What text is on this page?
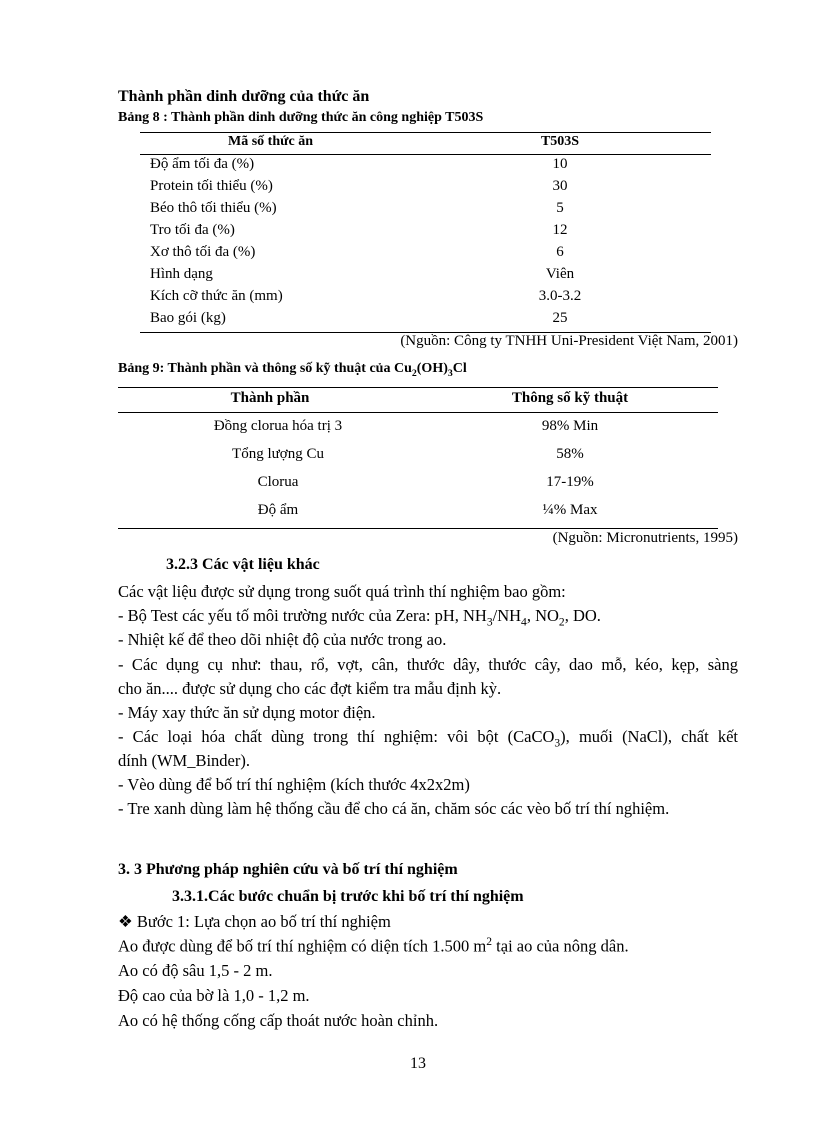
Thành phần dinh dưỡng của thức ăn
Bảng 8 : Thành phần dinh dưỡng thức ăn công nghiệp T503S
Mã số thức ăn	T503S
Độ ẩm tối đa (%)	10
Protein tối thiểu (%)	30
Béo thô tối thiểu (%)	5
Tro tối đa (%)	12
Xơ thô tối đa (%)	6
Hình dạng	Viên
Kích cỡ thức ăn (mm)	3.0-3.2
Bao gói (kg)	25
(Nguồn: Công ty TNHH Uni-President Việt Nam, 2001)
Bảng 9: Thành phần và thông số kỹ thuật của $Cu_2(OH)_3Cl$
Thành phần	Thông số kỹ thuật
Đồng clorua hóa trị 3	98% Min
Tổng lượng Cu	58%
Clorua	17-19%
Độ ẩm	¼% Max
(Nguồn: Micronutrients, 1995)
3.2.3 Các vật liệu khác
Các vật liệu được sử dụng trong suốt quá trình thí nghiệm bao gồm:
- Bộ Test các yếu tố môi trường nước của Zera: pH, $NH_3/NH_4$, $NO_2$, DO.
- Nhiệt kế để theo dõi nhiệt độ của nước trong ao.
- Các dụng cụ như: thau, rổ, vợt, cân, thước dây, thước cây, dao mỗ, kéo, kẹp, sàng
cho ăn.... được sử dụng cho các đợt kiểm tra mẫu định kỳ.
- Máy xay thức ăn sử dụng motor điện.
- Các loại hóa chất dùng trong thí nghiệm: vôi bột (CaCO$_3$), muối (NaCl), chất kết
dính (WM_Binder).
- Vèo dùng để bố trí thí nghiệm (kích thước 4x2x2m)
- Tre xanh dùng làm hệ thống cầu để cho cá ăn, chăm sóc các vèo bố trí thí nghiệm.
3. 3 Phương pháp nghiên cứu và bố trí thí nghiệm
3.3.1.Các bước chuẩn bị trước khi bố trí thí nghiệm
❖ Bước 1: Lựa chọn ao bố trí thí nghiệm
Ao được dùng để bố trí thí nghiệm có diện tích 1.500 $m^2$ tại ao của nông dân.
Ao có độ sâu 1,5 - 2 m.
Độ cao của bờ là 1,0 - 1,2 m.
Ao có hệ thống cống cấp thoát nước hoàn chỉnh.
13
